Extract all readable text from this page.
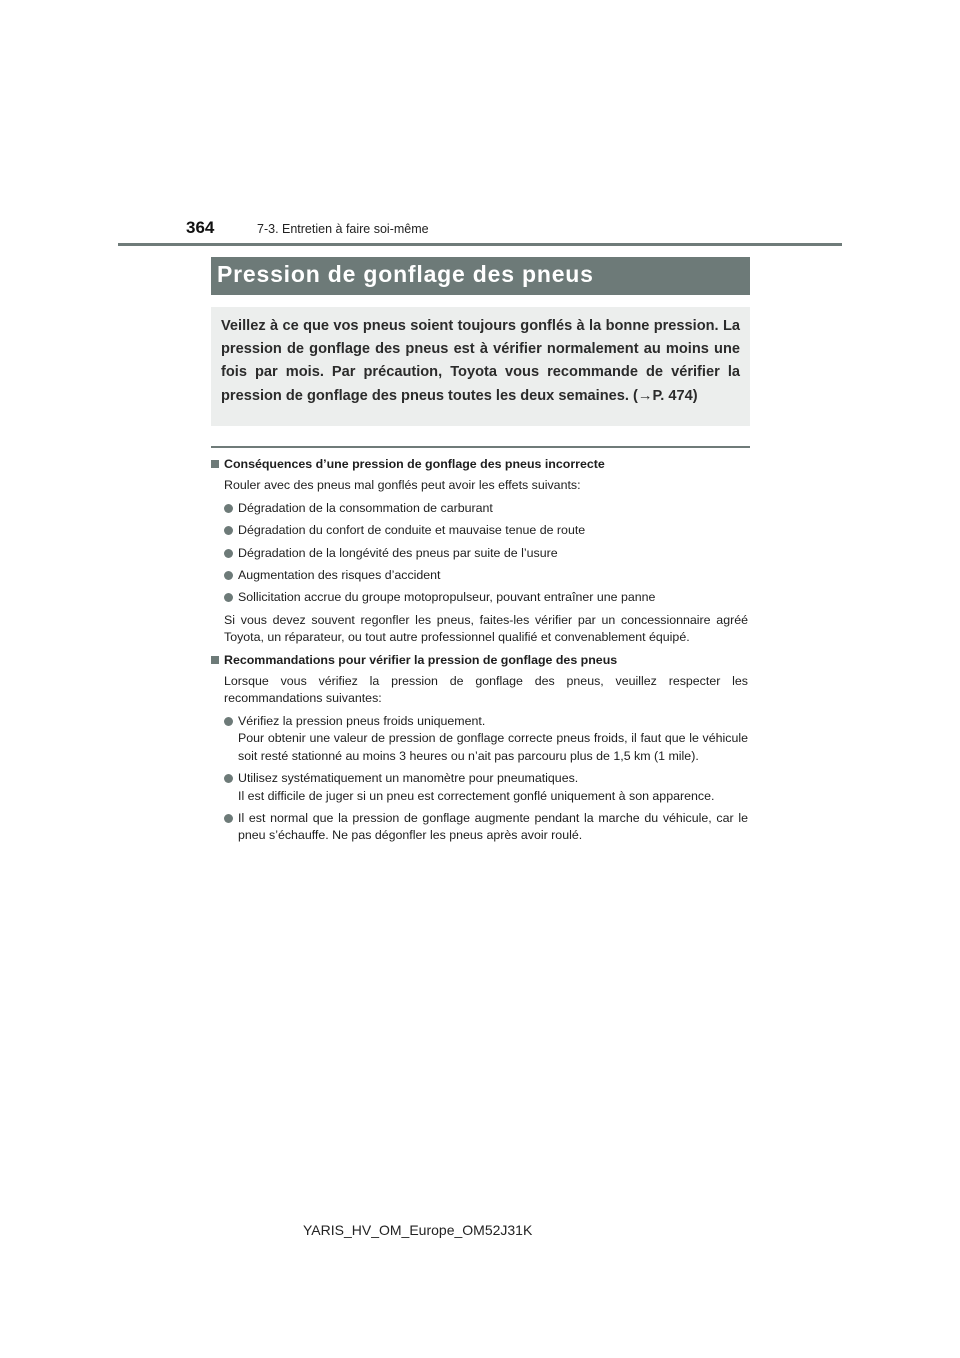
364	7-3. Entretien à faire soi-même
Pression de gonflage des pneus

Veillez à ce que vos pneus soient toujours gonflés à la bonne pression. La pression de gonflage des pneus est à vérifier normalement au moins une fois par mois. Par précaution, Toyota vous recommande de vérifier la pression de gonflage des pneus toutes les deux semaines. (→P. 474)

Conséquences d’une pression de gonflage des pneus incorrecte
Rouler avec des pneus mal gonflés peut avoir les effets suivants:
Dégradation de la consommation de carburant
Dégradation du confort de conduite et mauvaise tenue de route
Dégradation de la longévité des pneus par suite de l’usure
Augmentation des risques d’accident
Sollicitation accrue du groupe motopropulseur, pouvant entraîner une panne
Si vous devez souvent regonfler les pneus, faites-les vérifier par un concessionnaire agréé Toyota, un réparateur, ou tout autre professionnel qualifié et convenablement équipé.
Recommandations pour vérifier la pression de gonflage des pneus
Lorsque vous vérifiez la pression de gonflage des pneus, veuillez respecter les recommandations suivantes:
Vérifiez la pression pneus froids uniquement.
Pour obtenir une valeur de pression de gonflage correcte pneus froids, il faut que le véhicule soit resté stationné au moins 3 heures ou n’ait pas parcouru plus de 1,5 km (1 mile).
Utilisez systématiquement un manomètre pour pneumatiques.
Il est difficile de juger si un pneu est correctement gonflé uniquement à son apparence.
Il est normal que la pression de gonflage augmente pendant la marche du véhicule, car le pneu s’échauffe. Ne pas dégonfler les pneus après avoir roulé.
YARIS_HV_OM_Europe_OM52J31K
